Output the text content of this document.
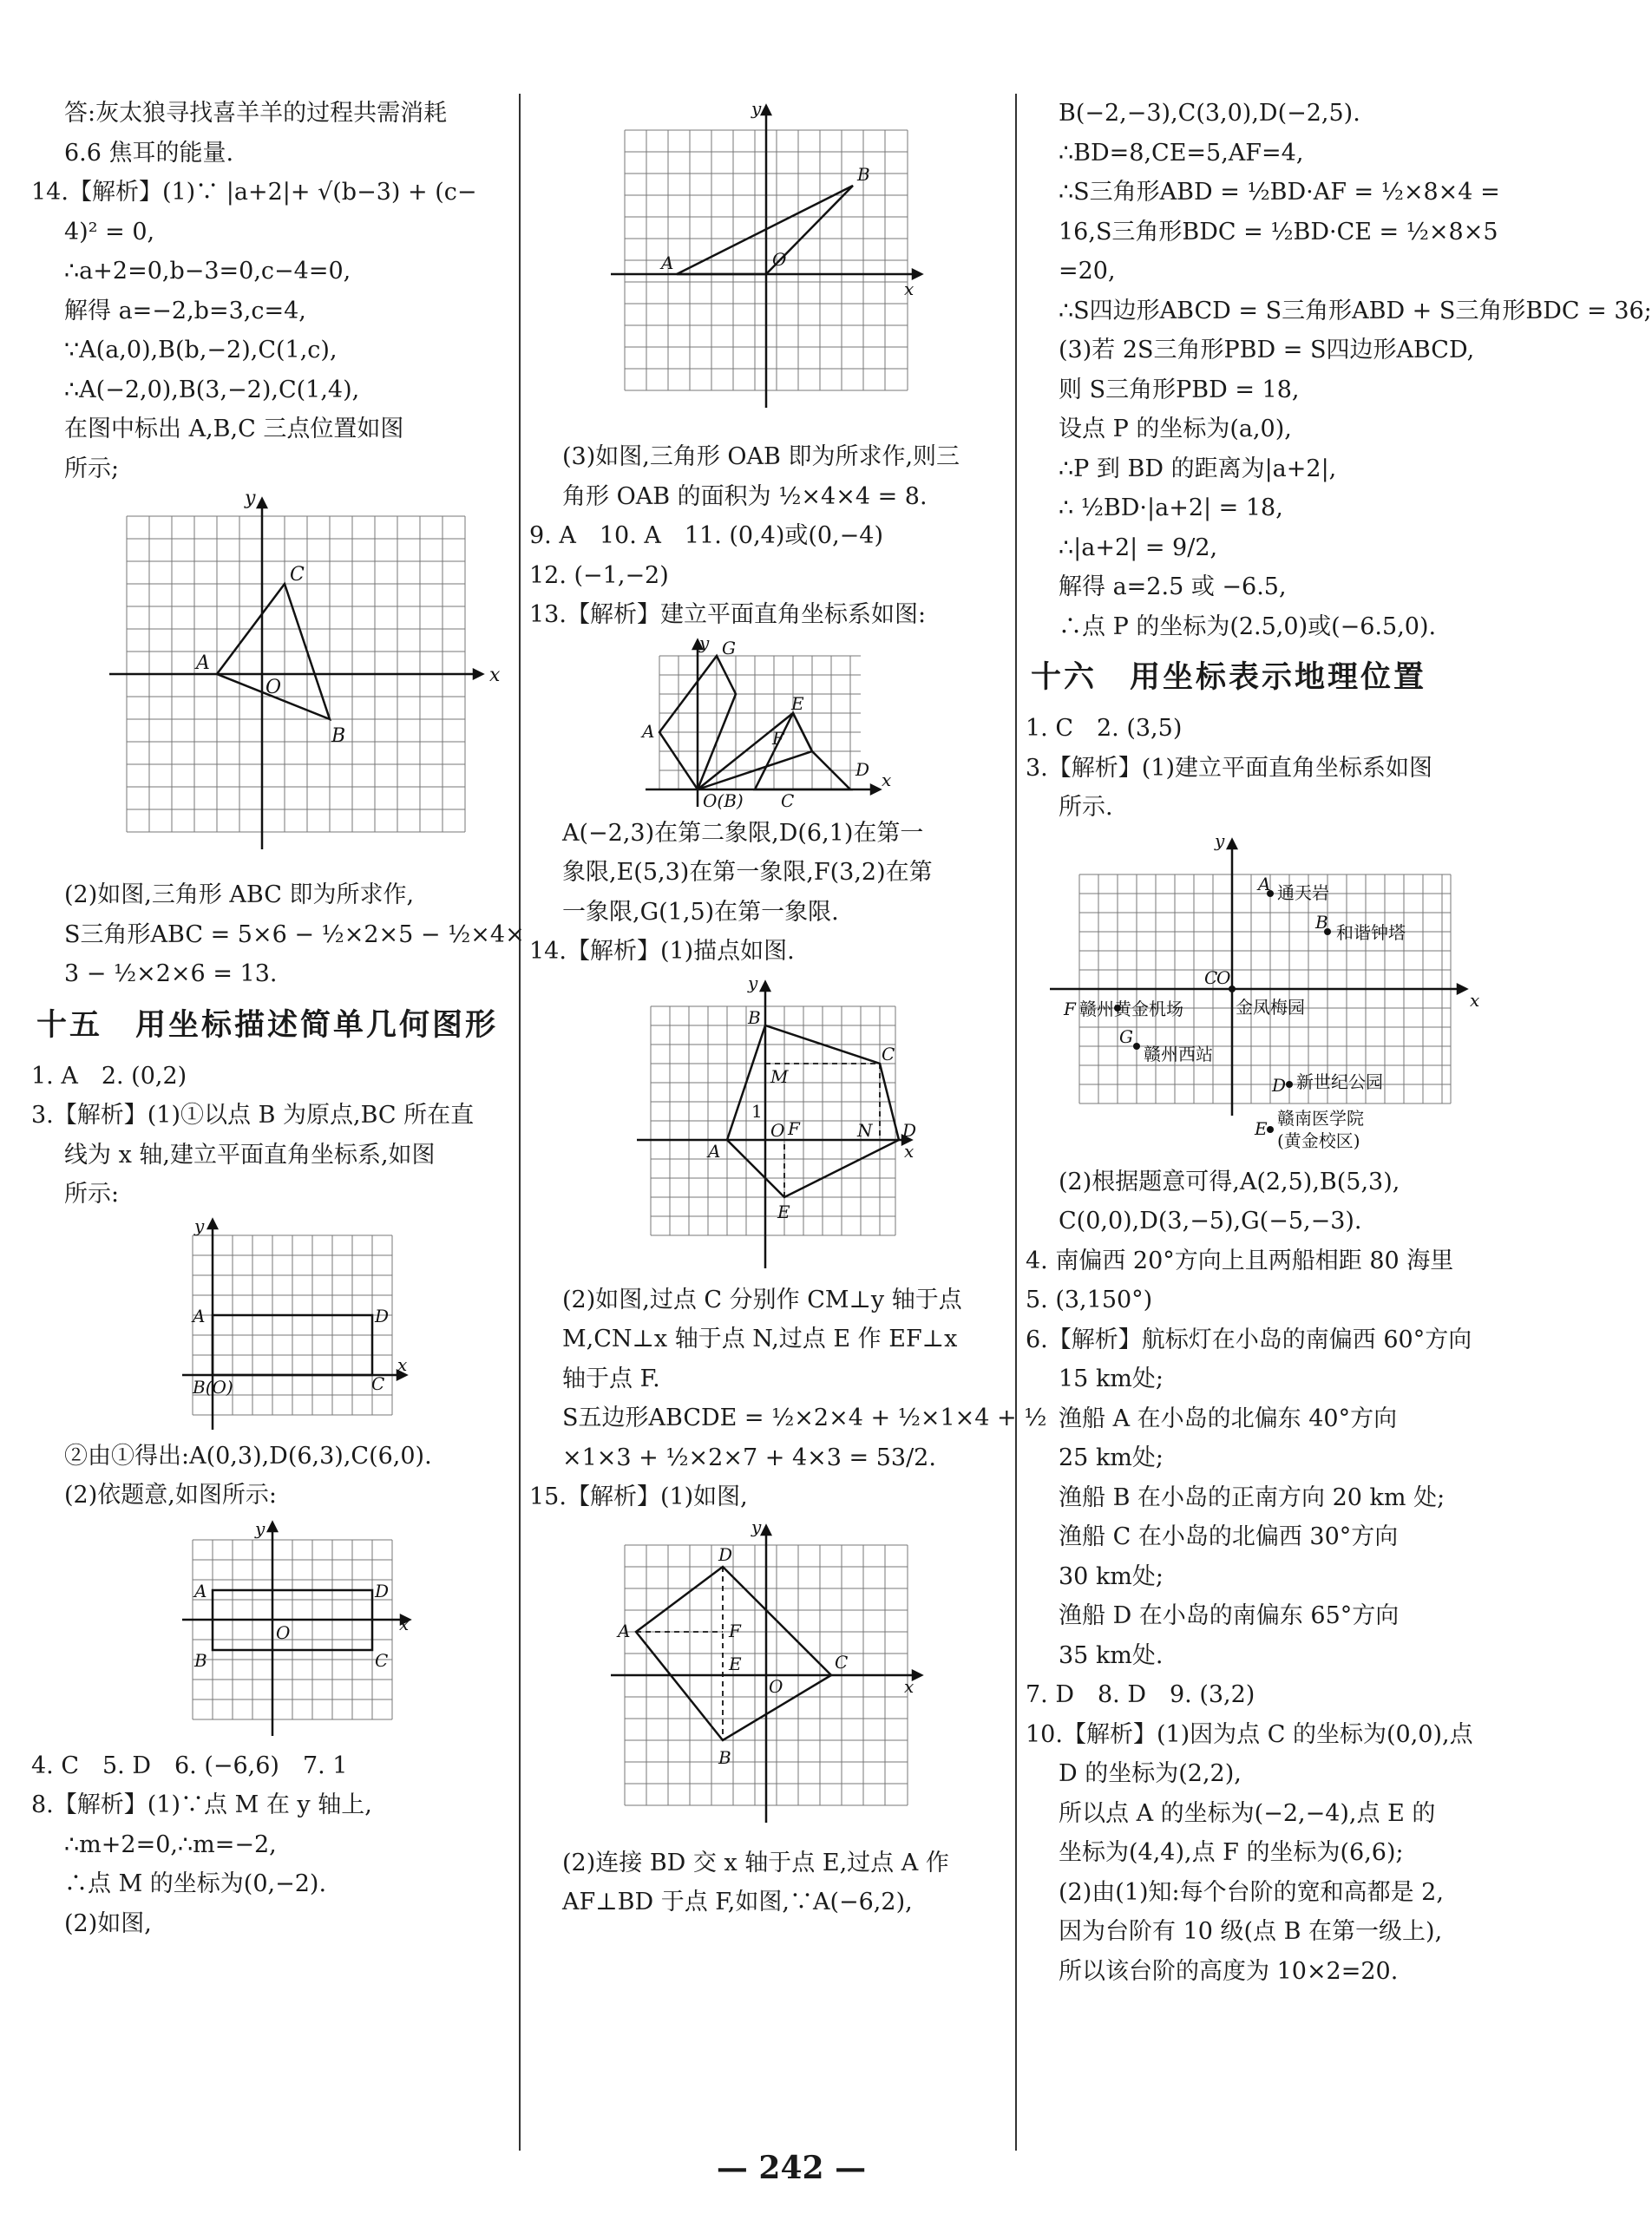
答:灰太狼寻找喜羊羊的过程共需消耗
6.6 焦耳的能量.
14.【解析】(1)∵ |a+2|+ √(b−3) + (c−
4)² = 0,
∴a+2=0,b−3=0,c−4=0,
解得 a=−2,b=3,c=4,
∵A(a,0),B(b,−2),C(1,c),
∴A(−2,0),B(3,−2),C(1,4),
在图中标出 A,B,C 三点位置如图
所示;
x
y
O
A
B
C
(2)如图,三角形 ABC 即为所求作,
S三角形ABC = 5×6 − ½×2×5 − ½×4×
3 − ½×2×6 = 13.
十五　用坐标描述简单几何图形
1. A　2. (0,2)
3.【解析】(1)①以点 B 为原点,BC 所在直
线为 x 轴,建立平面直角坐标系,如图
所示:
x
y
A	D
C
B(O)
②由①得出:A(0,3),D(6,3),C(6,0).
(2)依题意,如图所示:
x
y
O
A	D
B	C
4. C　5. D　6. (−6,6)　7. 1
8.【解析】(1)∵点 M 在 y 轴上,
∴m+2=0,∴m=−2,
∴点 M 的坐标为(0,−2).
(2)如图,
x
y
O
A
B
(3)如图,三角形 OAB 即为所求作,则三
角形 OAB 的面积为 ½×4×4 = 8.
9. A　10. A　11. (0,4)或(0,−4)
12. (−1,−2)
13.【解析】建立平面直角坐标系如图:
x
y
A
G
E
F
D
C
O(B)
A(−2,3)在第二象限,D(6,1)在第一
象限,E(5,3)在第一象限,F(3,2)在第
一象限,G(1,5)在第一象限.
14.【解析】(1)描点如图.
x
y
O
A
B
C
D
E
F
M
N
1
(2)如图,过点 C 分别作 CM⊥y 轴于点
M,CN⊥x 轴于点 N,过点 E 作 EF⊥x
轴于点 F.
S五边形ABCDE = ½×2×4 + ½×1×4 + ½
×1×3 + ½×2×7 + 4×3 = 53/2.
15.【解析】(1)如图,
x
y
O
A
B
C
D
E
F
(2)连接 BD 交 x 轴于点 E,过点 A 作
AF⊥BD 于点 F,如图,∵A(−6,2),
B(−2,−3),C(3,0),D(−2,5).
∴BD=8,CE=5,AF=4,
∴S三角形ABD = ½BD·AF = ½×8×4 =
16,S三角形BDC = ½BD·CE = ½×8×5
=20,
∴S四边形ABCD = S三角形ABD + S三角形BDC = 36;
(3)若 2S三角形PBD = S四边形ABCD,
则 S三角形PBD = 18,
设点 P 的坐标为(a,0),
∴P 到 BD 的距离为|a+2|,
∴ ½BD·|a+2| = 18,
∴|a+2| = 9/2,
解得 a=2.5 或 −6.5,
∴点 P 的坐标为(2.5,0)或(−6.5,0).
十六　用坐标表示地理位置
1. C　2. (3,5)
3.【解析】(1)建立平面直角坐标系如图
所示.
x
y
A 通天岩
B 和谐钟塔
C
O
金凤梅园
F 赣州黄金机场
G
赣州西站
D 新世纪公园
E 赣南医学院
(黄金校区)
(2)根据题意可得,A(2,5),B(5,3),
C(0,0),D(3,−5),G(−5,−3).
4. 南偏西 20°方向上且两船相距 80 海里
5. (3,150°)
6.【解析】航标灯在小岛的南偏西 60°方向
15 km处;
渔船 A 在小岛的北偏东 40°方向
25 km处;
渔船 B 在小岛的正南方向 20 km 处;
渔船 C 在小岛的北偏西 30°方向
30 km处;
渔船 D 在小岛的南偏东 65°方向
35 km处.
7. D　8. D　9. (3,2)
10.【解析】(1)因为点 C 的坐标为(0,0),点
D 的坐标为(2,2),
所以点 A 的坐标为(−2,−4),点 E 的
坐标为(4,4),点 F 的坐标为(6,6);
(2)由(1)知:每个台阶的宽和高都是 2,
因为台阶有 10 级(点 B 在第一级上),
所以该台阶的高度为 10×2=20.
— 242 —
